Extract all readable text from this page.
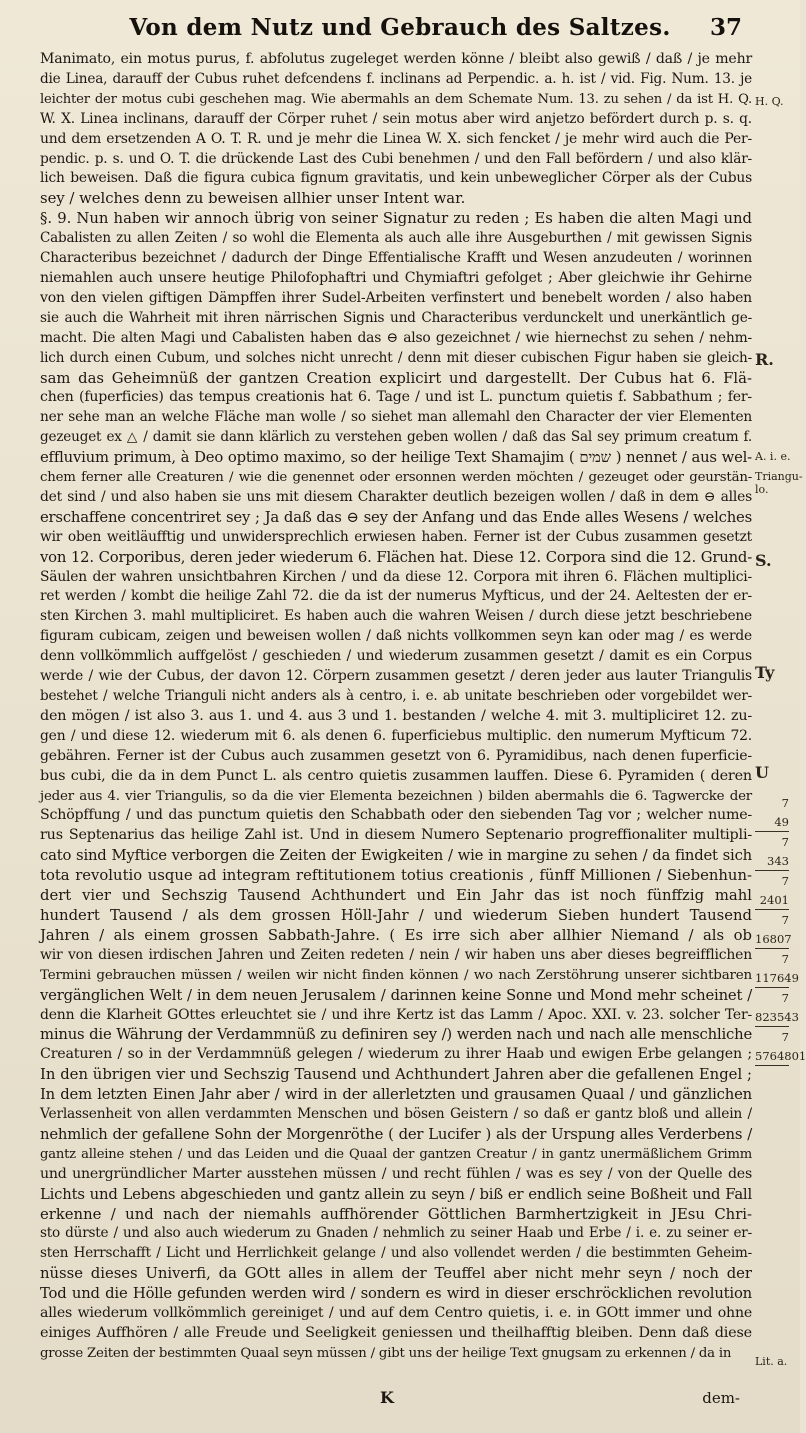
Von dem Nutz und Gebrauch des Saltzes.	37
Manimato, ein motus purus, f. abfolutus zugeleget werden könne / bleibt also gewiß / daß / je mehr
die Linea, darauff der Cubus ruhet defcendens f. inclinans ad Perpendic. a. h. ist / vid. Fig. Num. 13. je
leichter der motus cubi geschehen mag. Wie abermahls an dem Schemate Num. 13. zu sehen / da ist H. Q.
W. X. Linea inclinans, darauff der Cörper ruhet / sein motus aber wird anjetzo befördert durch p. s. q.
und dem ersetzenden A O. T. R. und je mehr die Linea W. X. sich fencket / je mehr wird auch die Per-
pendic. p. s. und O. T. die drückende Last des Cubi benehmen / und den Fall befördern / und also klär-
lich beweisen. Daß die figura cubica fignum gravitatis, und kein unbeweglicher Cörper als der Cubus
sey / welches denn zu beweisen allhier unser Intent war.
§. 9. Nun haben wir annoch übrig von seiner Signatur zu reden ; Es haben die alten Magi und
Cabalisten zu allen Zeiten / so wohl die Elementa als auch alle ihre Ausgeburthen / mit gewissen Signis
Characteribus bezeichnet / dadurch der Dinge Effentialische Krafft und Wesen anzudeuten / worinnen
niemahlen auch unsere heutige Philofophaftri und Chymiaftri gefolget ; Aber gleichwie ihr Gehirne
von den vielen giftigen Dämpffen ihrer Sudel-Arbeiten verfinstert und benebelt worden / also haben
sie auch die Wahrheit mit ihren närrischen Signis und Characteribus verdunckelt und unerkäntlich ge-
macht. Die alten Magi und Cabalisten haben das ⊖ also gezeichnet / wie hiernechst zu sehen / nehm-
lich durch einen Cubum, und solches nicht unrecht / denn mit dieser cubischen Figur haben sie gleich-
sam das Geheimnüß der gantzen Creation explicirt und dargestellt. Der Cubus hat 6. Flä-
chen (fuperficies) das tempus creationis hat 6. Tage / und ist L. punctum quietis f. Sabbathum ; fer-
ner sehe man an welche Fläche man wolle / so siehet man allemahl den Character der vier Elementen
gezeuget ex △ / damit sie dann klärlich zu verstehen geben wollen / daß das Sal sey primum creatum f.
effluvium primum, à Deo optimo maximo, so der heilige Text Shamajim ( שמים ) nennet / aus wel-
chem ferner alle Creaturen / wie die genennet oder ersonnen werden möchten / gezeuget oder geurstän-
det sind / und also haben sie uns mit diesem Charakter deutlich bezeigen wollen / daß in dem ⊖ alles
erschaffene concentriret sey ; Ja daß das ⊖ sey der Anfang und das Ende alles Wesens / welches
wir oben weitläufftig und unwidersprechlich erwiesen haben. Ferner ist der Cubus zusammen gesetzt
von 12. Corporibus, deren jeder wiederum 6. Flächen hat. Diese 12. Corpora sind die 12. Grund-
Säulen der wahren unsichtbahren Kirchen / und da diese 12. Corpora mit ihren 6. Flächen multiplici-
ret werden / kombt die heilige Zahl 72. die da ist der numerus Myfticus, und der 24. Aeltesten der er-
sten Kirchen 3. mahl multipliciret. Es haben auch die wahren Weisen / durch diese jetzt beschriebene
figuram cubicam, zeigen und beweisen wollen / daß nichts vollkommen seyn kan oder mag / es werde
denn vollkömmlich auffgelöst / geschieden / und wiederum zusammen gesetzt / damit es ein Corpus
werde / wie der Cubus, der davon 12. Cörpern zusammen gesetzt / deren jeder aus lauter Triangulis
bestehet / welche Trianguli nicht anders als à centro, i. e. ab unitate beschrieben oder vorgebildet wer-
den mögen / ist also 3. aus 1. und 4. aus 3 und 1. bestanden / welche 4. mit 3. multipliciret 12. zu-
gen / und diese 12. wiederum mit 6. als denen 6. fuperficiebus multiplic. den numerum Myfticum 72.
gebähren. Ferner ist der Cubus auch zusammen gesetzt von 6. Pyramidibus, nach denen fuperficie-
bus cubi, die da in dem Punct L. als centro quietis zusammen lauffen. Diese 6. Pyramiden ( deren
jeder aus 4. vier Triangulis, so da die vier Elementa bezeichnen ) bilden abermahls die 6. Tagwercke der
Schöpffung / und das punctum quietis den Schabbath oder den siebenden Tag vor ; welcher nume-
rus Septenarius das heilige Zahl ist. Und in diesem Numero Septenario progreffionaliter multipli-
cato sind Myftice verborgen die Zeiten der Ewigkeiten / wie in margine zu sehen / da findet sich
tota revolutio usque ad integram reftitutionem totius creationis , fünff Millionen / Siebenhun-
dert vier und Sechszig Tausend Achthundert und Ein Jahr das ist noch fünffzig mahl
hundert Tausend / als dem grossen Höll-Jahr / und wiederum Sieben hundert Tausend
Jahren / als einem grossen Sabbath-Jahre. ( Es irre sich aber allhier Niemand / als ob
wir von diesen irdischen Jahren und Zeiten redeten / nein / wir haben uns aber dieses begreifflichen
Termini gebrauchen müssen / weilen wir nicht finden können / wo nach Zerstöhrung unserer sichtbaren
vergänglichen Welt / in dem neuen Jerusalem / darinnen keine Sonne und Mond mehr scheinet /
denn die Klarheit GOttes erleuchtet sie / und ihre Kertz ist das Lamm / Apoc. XXI. v. 23. solcher Ter-
minus die Währung der Verdammnüß zu definiren sey /) werden nach und nach alle menschliche
Creaturen / so in der Verdammnüß gelegen / wiederum zu ihrer Haab und ewigen Erbe gelangen ;
In den übrigen vier und Sechszig Tausend und Achthundert Jahren aber die gefallenen Engel ;
In dem letzten Einen Jahr aber / wird in der allerletzten und grausamen Quaal / und gänzlichen
Verlassenheit von allen verdammten Menschen und bösen Geistern / so daß er gantz bloß und allein /
nehmlich der gefallene Sohn der Morgenröthe ( der Lucifer ) als der Urspung alles Verderbens /
gantz alleine stehen / und das Leiden und die Quaal der gantzen Creatur / in gantz unermäßlichem Grimm
und unergründlicher Marter ausstehen müssen / und recht fühlen / was es sey / von der Quelle des
Lichts und Lebens abgeschieden und gantz allein zu seyn / biß er endlich seine Boßheit und Fall
erkenne / und nach der niemahls auffhörender Göttlichen Barmhertzigkeit in JEsu Chri-
sto dürste / und also auch wiederum zu Gnaden / nehmlich zu seiner Haab und Erbe / i. e. zu seiner er-
sten Herrschafft / Licht und Herrlichkeit gelange / und also vollendet werden / die bestimmten Geheim-
nüsse dieses Univerfi, da GOtt alles in allem der Teuffel aber nicht mehr seyn / noch der
Tod und die Hölle gefunden werden wird / sondern es wird in dieser erschröcklichen revolution
alles wiederum vollkömmlich gereiniget / und auf dem Centro quietis, i. e. in GOtt immer und ohne
einiges Auffhören / alle Freude und Seeligkeit geniessen und theilhafftig bleiben. Denn daß diese
grosse Zeiten der bestimmten Quaal seyn müssen / gibt uns der heilige Text gnugsam zu erkennen / da in
H. Q.
R.
A. i. e.
Triangu-
lo.
S.
Ty
U
7
49
7
343
7
2401
7
16807
7
117649
7
823543
7
5764801
Lit. a.
K	dem-
